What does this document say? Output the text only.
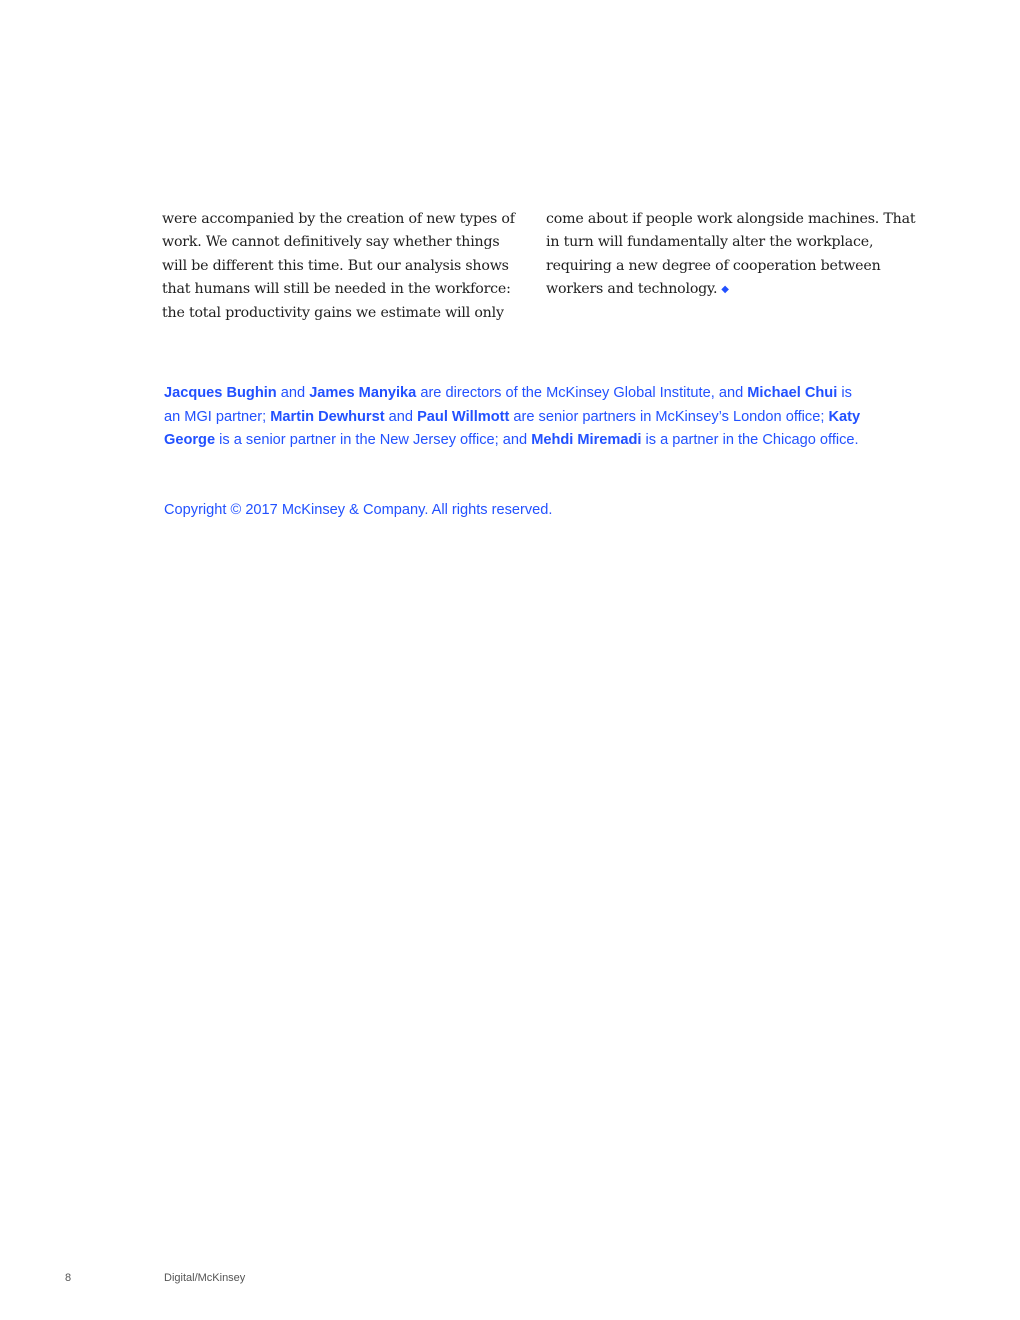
were accompanied by the creation of new types of
work. We cannot definitively say whether things
will be different this time. But our analysis shows
that humans will still be needed in the workforce:
the total productivity gains we estimate will only
come about if people work alongside machines. That
in turn will fundamentally alter the workplace,
requiring a new degree of cooperation between
workers and technology. ◆
Jacques Bughin and James Manyika are directors of the McKinsey Global Institute, and Michael Chui is
an MGI partner; Martin Dewhurst and Paul Willmott are senior partners in McKinsey’s London office; Katy
George is a senior partner in the New Jersey office; and Mehdi Miremadi is a partner in the Chicago office.
Copyright © 2017 McKinsey & Company. All rights reserved.
8	Digital/McKinsey
